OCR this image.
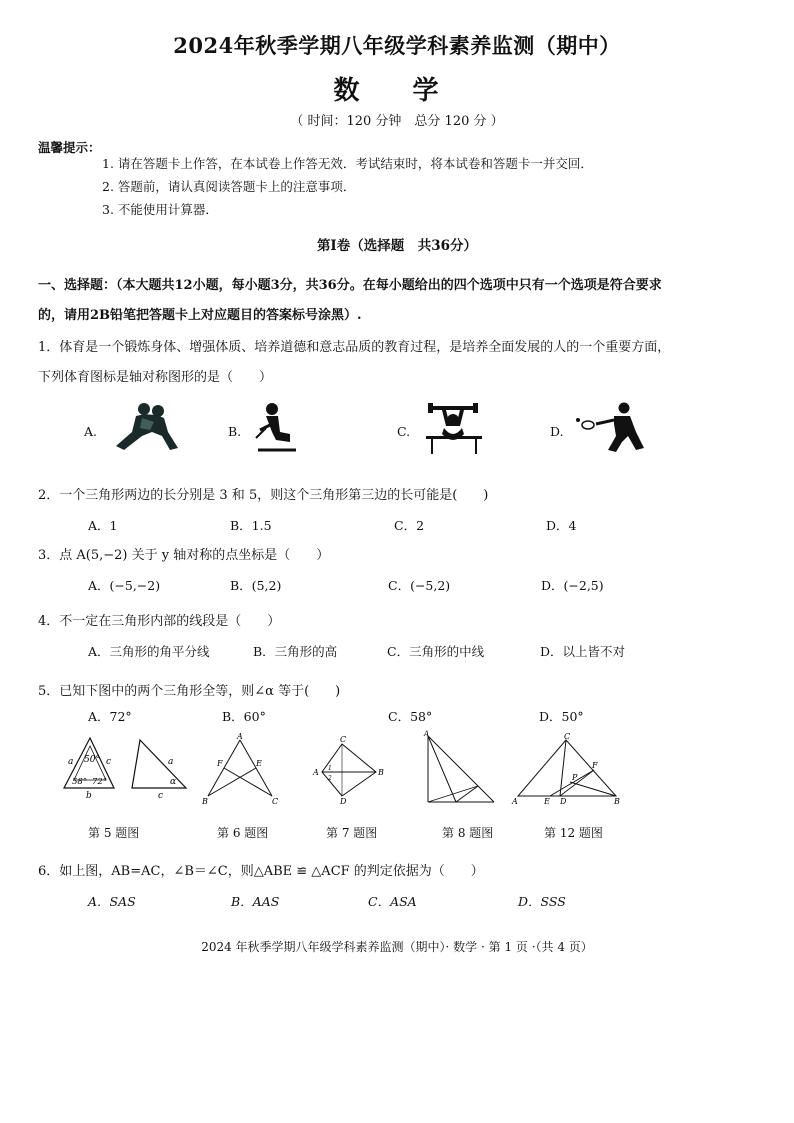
2024年秋季学期八年级学科素养监测（期中）
数 学
（ 时间：120 分钟　总分 120 分 ）
温馨提示：
1. 请在答题卡上作答，在本试卷上作答无效．考试结束时，将本试卷和答题卡一并交回．
2. 答题前，请认真阅读答题卡上的注意事项．
3. 不能使用计算器．
第Ⅰ卷（选择题　共36分）
一、选择题：（本大题共12小题，每小题3分，共36分。在每小题给出的四个选项中只有一个选项是符合要求
的，请用2B铅笔把答题卡上对应题目的答案标号涂黑）.
1．体育是一个锻炼身体、增强体质、培养道德和意志品质的教育过程，是培养全面发展的人的一个重要方面，
下列体育图标是轴对称图形的是（　　）
A.	B.	C.	D.
2．一个三角形两边的长分别是 3 和 5，则这个三角形第三边的长可能是(　　)
A．1	B．1.5	C．2	D．4
3．点 A(5,−2) 关于 y 轴对称的点坐标是（　　）
A．(−5,−2)	B．(5,2)	C．(−5,2)	D．(−2,5)
4．不一定在三角形内部的线段是（　　）
A．三角形的角平分线	B．三角形的高	C．三角形的中线	D．以上皆不对
5．已知下图中的两个三角形全等，则∠α 等于(　　)
A．72°	B．60°	C．58°	D．50°
50°
58° 72°
a	c
b
a
c
α
A
B	C
E
F
C
A	B
D
1
2
A	C
A	B
D
E
F
P
第 5 题图	第 6 题图	第 7 题图	第 8 题图	第 12 题图
6．如上图，AB=AC，∠B＝∠C，则△ABE ≌ △ACF 的判定依据为（　　）
A．SAS	B．AAS	C．ASA	D．SSS
2024 年秋季学期八年级学科素养监测（期中）· 数学 · 第 1 页 ·（共 4 页）
